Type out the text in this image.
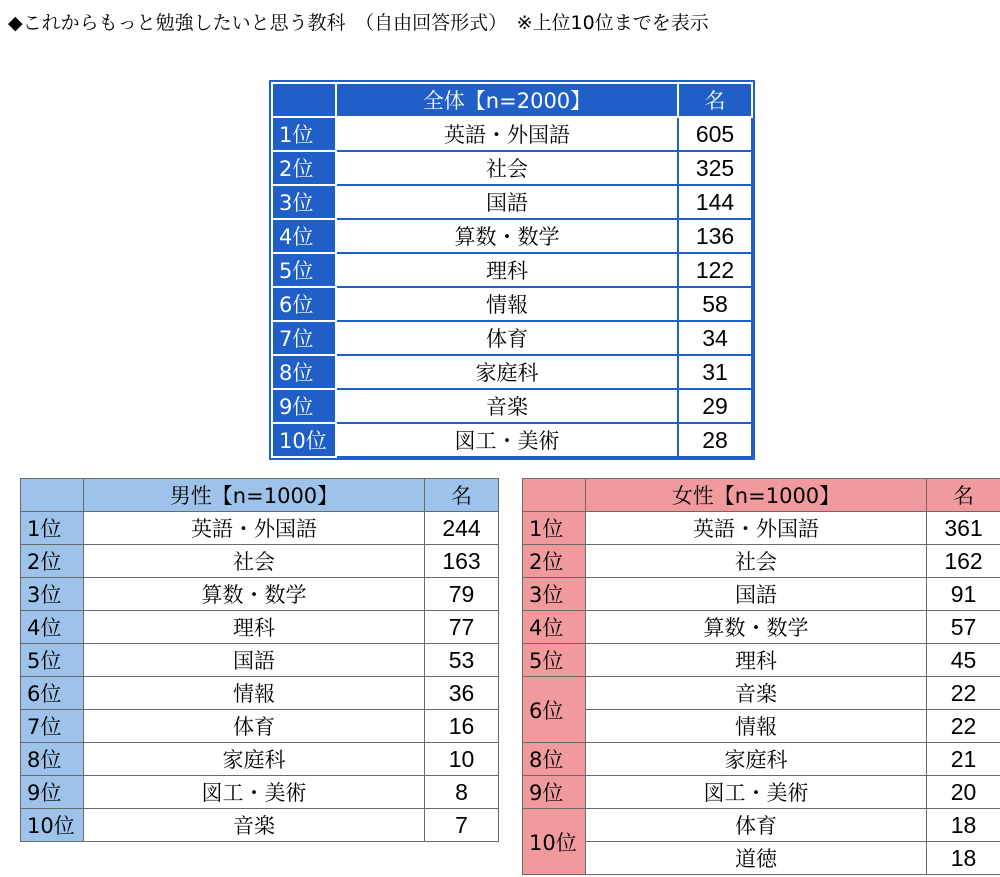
◆これからもっと勉強したいと思う教科　（自由回答形式）　※上位10位までを表示
	全体【n=2000】	名
1位	英語・外国語	605
2位	社会	325
3位	国語	144
4位	算数・数学	136
5位	理科	122
6位	情報	58
7位	体育	34
8位	家庭科	31
9位	音楽	29
10位	図工・美術	28
	男性【n=1000】	名
1位	英語・外国語	244
2位	社会	163
3位	算数・数学	79
4位	理科	77
5位	国語	53
6位	情報	36
7位	体育	16
8位	家庭科	10
9位	図工・美術	8
10位	音楽	7
	女性【n=1000】	名
1位	英語・外国語	361
2位	社会	162
3位	国語	91
4位	算数・数学	57
5位	理科	45
6位	音楽	22
	情報	22
8位	家庭科	21
9位	図工・美術	20
10位	体育	18
	道徳	18
